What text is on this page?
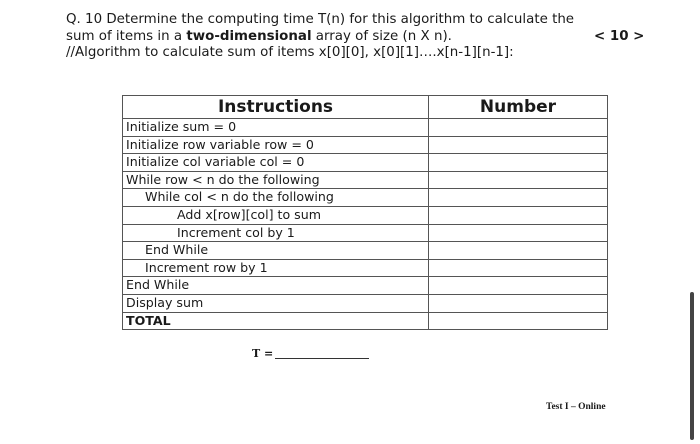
Q. 10 Determine the computing time T(n) for this algorithm to calculate the

sum of items in a two-dimensional array of size (n X n).	< 10 >

//Algorithm to calculate sum of items x[0][0], x[0][1]….x[n-1][n-1]:

Instructions	Number
Initialize sum = 0	
Initialize row variable row = 0	
Initialize col variable col = 0	
While row < n do the following	
While col < n do the following	
Add x[row][col] to sum	
Increment col by 1	
End While	
Increment row by 1	
End While	
Display sum	
TOTAL	
T =
Test I – Online
